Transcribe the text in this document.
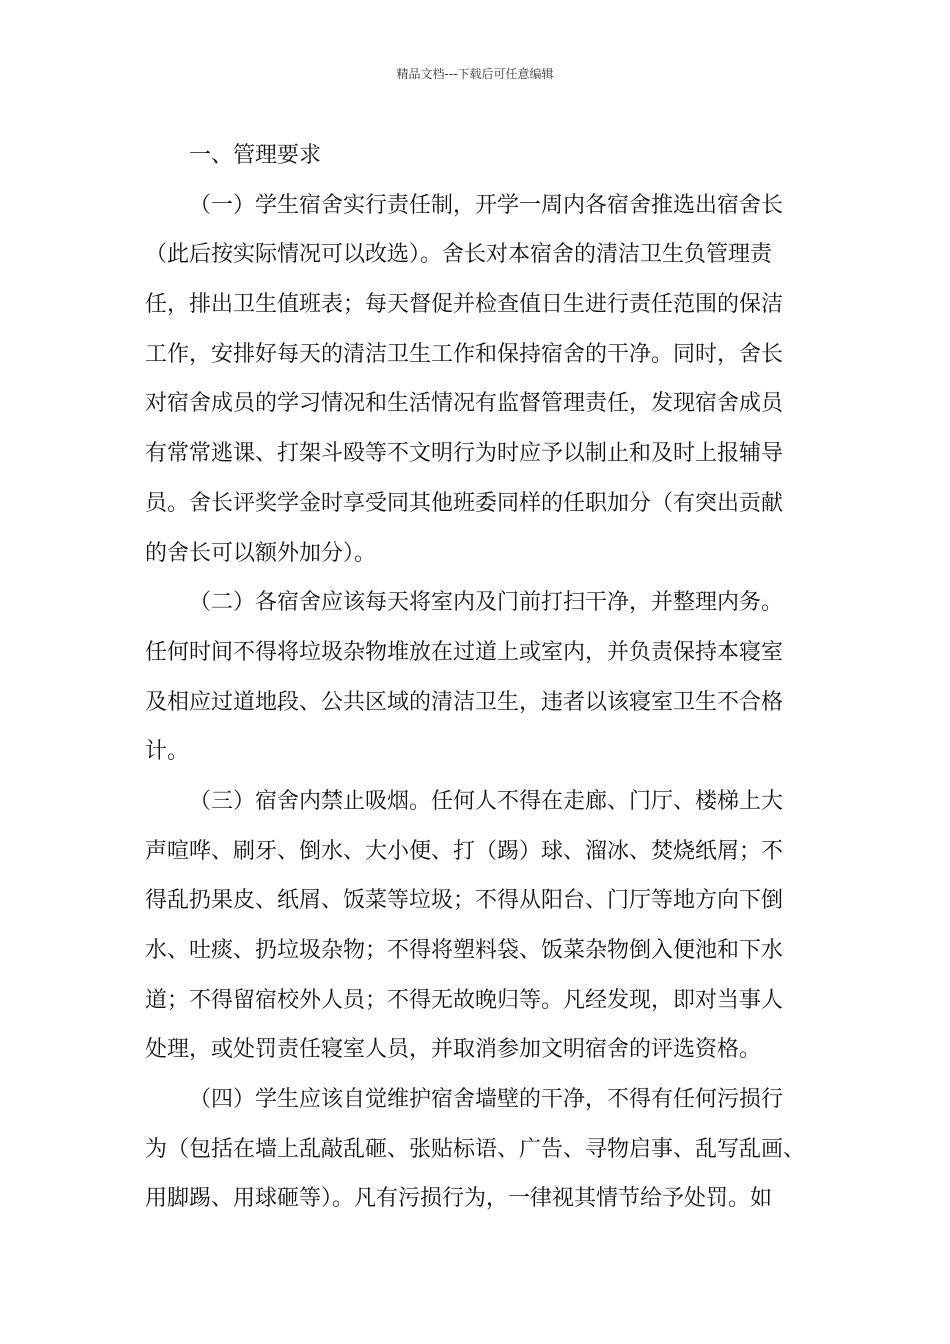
精品文档---下载后可任意编辑
一、管理要求
（一）学生宿舍实行责任制，开学一周内各宿舍推选出宿舍长
（此后按实际情况可以改选）。舍长对本宿舍的清洁卫生负管理责
任，排出卫生值班表；每天督促并检查值日生进行责任范围的保洁
工作，安排好每天的清洁卫生工作和保持宿舍的干净。同时，舍长
对宿舍成员的学习情况和生活情况有监督管理责任，发现宿舍成员
有常常逃课、打架斗殴等不文明行为时应予以制止和及时上报辅导
员。舍长评奖学金时享受同其他班委同样的任职加分（有突出贡献
的舍长可以额外加分）。
（二）各宿舍应该每天将室内及门前打扫干净，并整理内务。
任何时间不得将垃圾杂物堆放在过道上或室内，并负责保持本寝室
及相应过道地段、公共区域的清洁卫生，违者以该寝室卫生不合格
计。
（三）宿舍内禁止吸烟。任何人不得在走廊、门厅、楼梯上大
声喧哗、刷牙、倒水、大小便、打（踢）球、溜冰、焚烧纸屑；不
得乱扔果皮、纸屑、饭菜等垃圾；不得从阳台、门厅等地方向下倒
水、吐痰、扔垃圾杂物；不得将塑料袋、饭菜杂物倒入便池和下水
道；不得留宿校外人员；不得无故晚归等。凡经发现，即对当事人
处理，或处罚责任寝室人员，并取消参加文明宿舍的评选资格。
（四）学生应该自觉维护宿舍墙壁的干净，不得有任何污损行
为（包括在墙上乱敲乱砸、张贴标语、广告、寻物启事、乱写乱画、
用脚踢、用球砸等）。凡有污损行为，一律视其情节给予处罚。如
